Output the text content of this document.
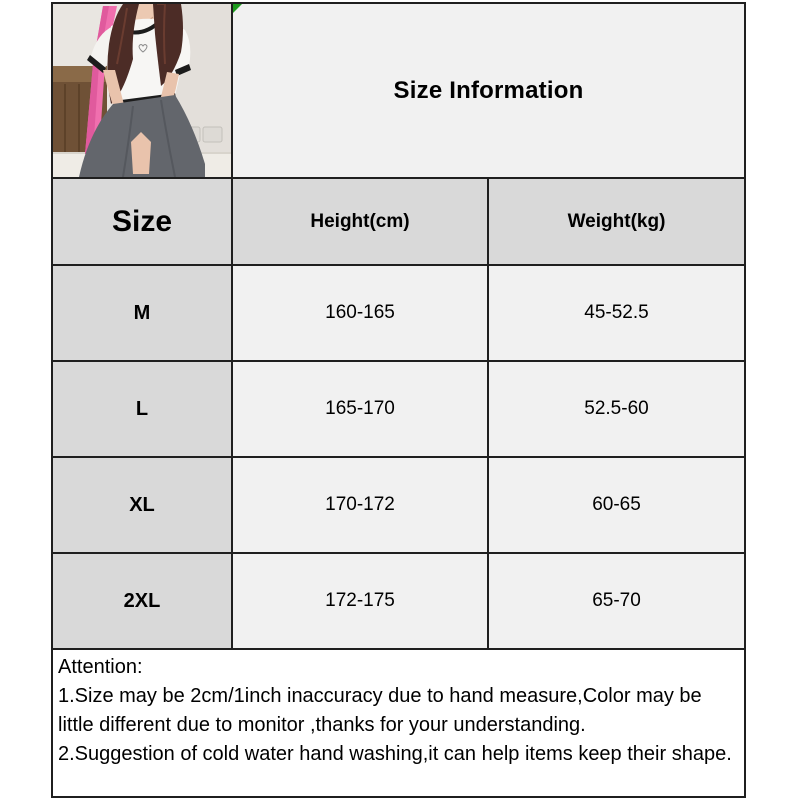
Size Information
Size	Height(cm)	Weight(kg)
M	160-165	45-52.5
L	165-170	52.5-60
XL	170-172	60-65
2XL	172-175	65-70
Attention:
1.Size may be 2cm/1inch inaccuracy due to hand measure,Color may be little different due to monitor ,thanks for your understanding.
2.Suggestion of cold water hand washing,it can help items keep their shape.
